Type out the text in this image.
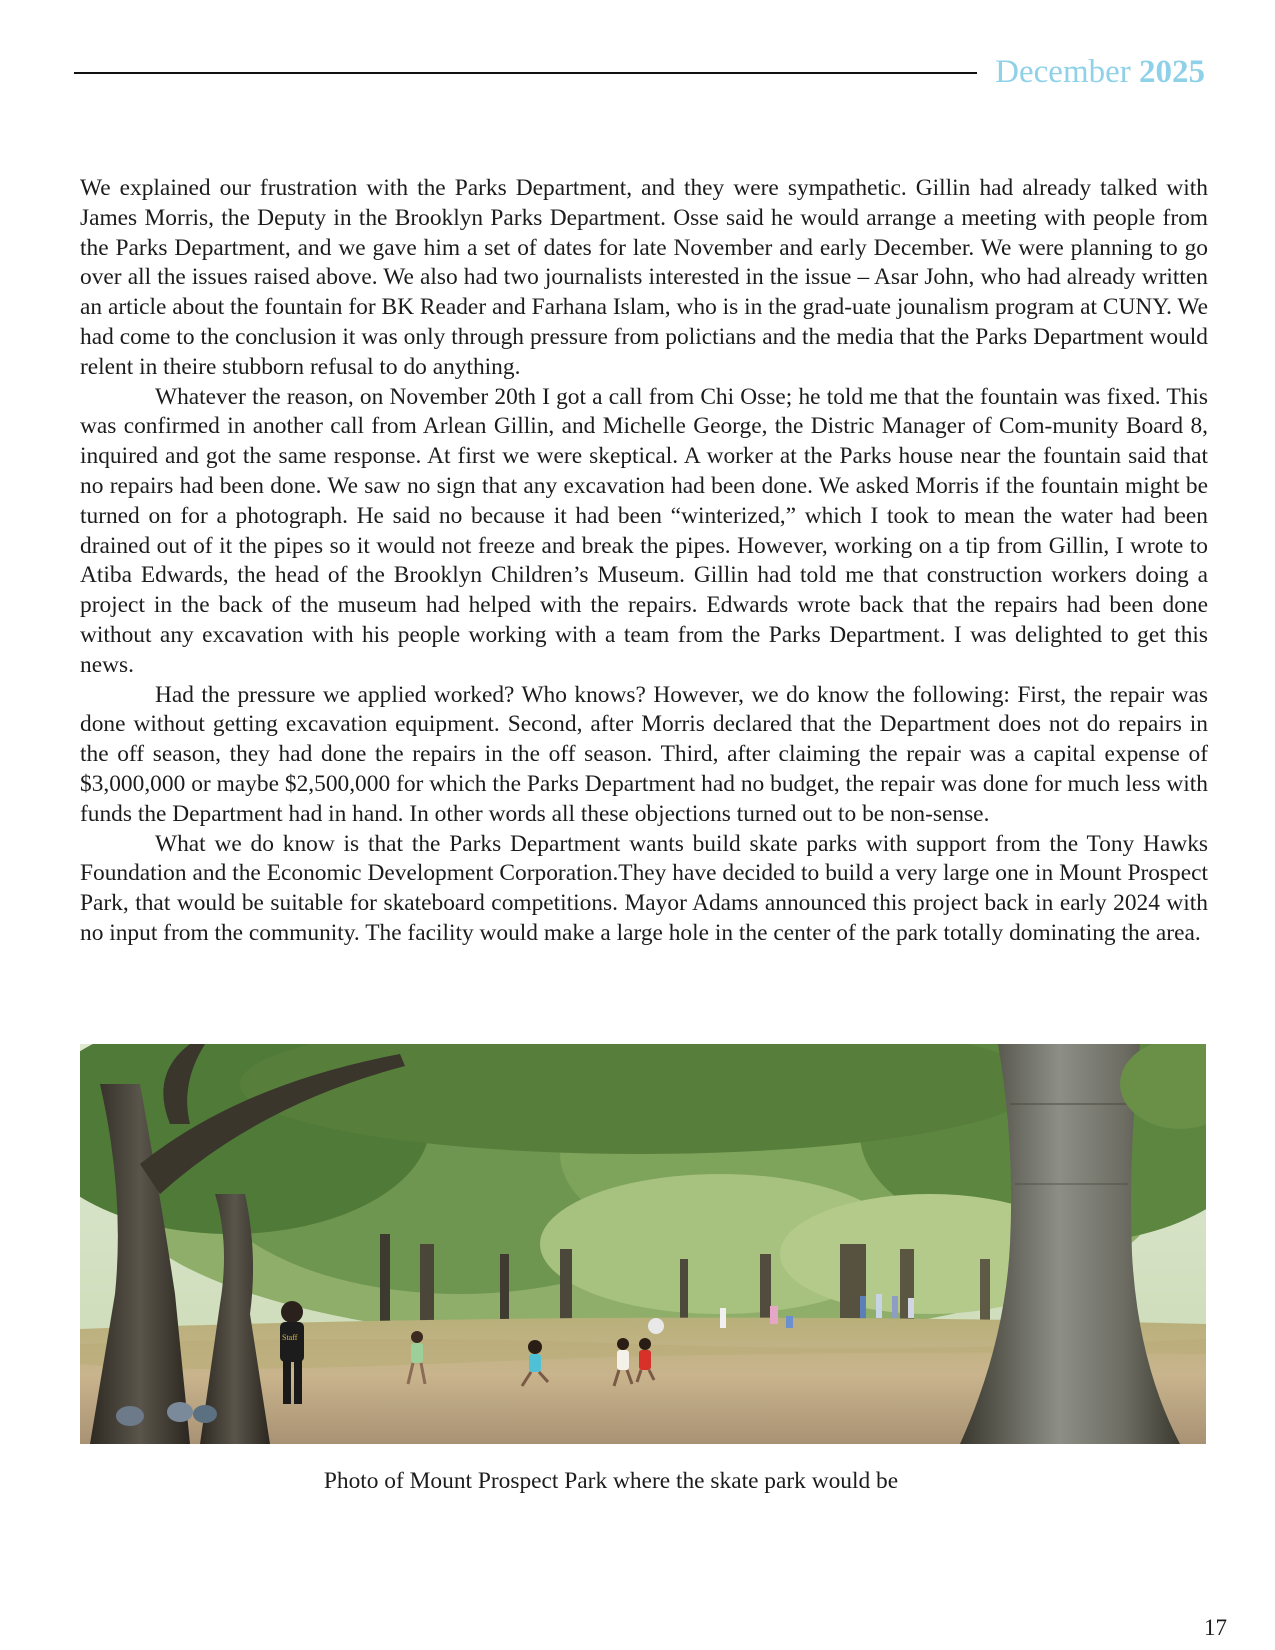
December 2025

We explained our frustration with the Parks Department, and they were sympathetic. Gillin had already talked with James Morris, the Deputy in the Brooklyn Parks Department. Osse said he would arrange a meeting with people from the Parks Department, and we gave him a set of dates for late November and early December. We were planning to go over all the issues raised above. We also had two journalists interested in the issue – Asar John, who had already written an article about the fountain for BK Reader and Farhana Islam, who is in the grad-uate jounalism program at CUNY. We had come to the conclusion it was only through pressure from polictians and the media that the Parks Department would relent in theire stubborn refusal to do anything.

Whatever the reason, on November 20th I got a call from Chi Osse; he told me that the fountain was fixed. This was confirmed in another call from Arlean Gillin, and Michelle George, the Distric Manager of Com-munity Board 8, inquired and got the same response. At first we were skeptical. A worker at the Parks house near the fountain said that no repairs had been done. We saw no sign that any excavation had been done. We asked Morris if the fountain might be turned on for a photograph. He said no because it had been “winterized,” which I took to mean the water had been drained out of it the pipes so it would not freeze and break the pipes. However, working on a tip from Gillin, I wrote to Atiba Edwards, the head of the Brooklyn Children’s Museum. Gillin had told me that construction workers doing a project in the back of the museum had helped with the repairs. Edwards wrote back that the repairs had been done without any excavation with his people working with a team from the Parks Department. I was delighted to get this news.

Had the pressure we applied worked? Who knows? However, we do know the following: First, the repair was done without getting excavation equipment. Second, after Morris declared that the Department does not do repairs in the off season, they had done the repairs in the off season. Third, after claiming the repair was a capital expense of $3,000,000 or maybe $2,500,000 for which the Parks Department had no budget, the repair was done for much less with funds the Department had in hand. In other words all these objections turned out to be non-sense.

What we do know is that the Parks Department wants build skate parks with support from the Tony Hawks Foundation and the Economic Development Corporation.They have decided to build a very large one in Mount Prospect Park, that would be suitable for skateboard competitions. Mayor Adams announced this project back in early 2024 with no input from the community. The facility would make a large hole in the center of the park totally dominating the area.

Staff
Photo of Mount Prospect Park where the skate park would be
17
